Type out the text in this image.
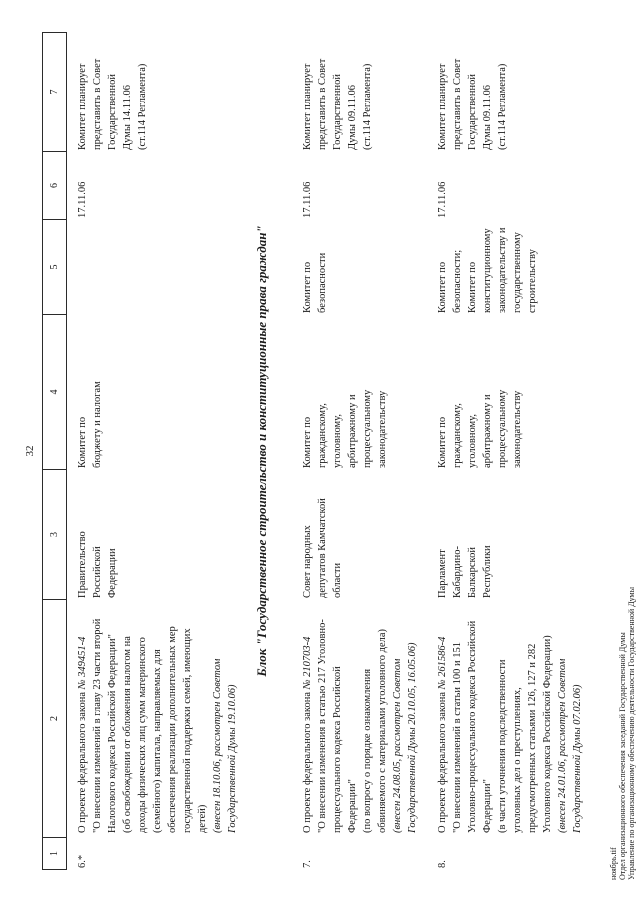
32
1
2
3
4
5
6
7
6.*
О проекте федерального закона № 349451-4 "О внесении изменений в главу 23 части второй Налогового кодекса Российской Федерации" (об освобождении от обложения налогом на доходы физических лиц сумм материнского (семейного) капитала, направляемых для обеспечения реализации дополнительных мер государственной поддержки семей, имеющих детей) (внесен 18.10.06, рассмотрен Советом Государственной Думы 19.10.06)
Правительство Российской Федерации
Комитет по бюджету и налогам
17.11.06
Комитет планирует представить в Совет Государственной Думы 14.11.06 (ст.114 Регламента)
Блок "Государственное строительство и конституционные права граждан"
7.
О проекте федерального закона № 210703-4 "О внесении изменения в статью 217 Уголовно- процессуального кодекса Российской Федерации" (по вопросу о порядке ознакомления обвиняемого с материалами уголовного дела) (внесен 24.08.05, рассмотрен Советом Государственной Думы 20.10.05, 16.05.06)
Совет народных депутатов Камчатской области
Комитет по гражданскому, уголовному, арбитражному и процессуальному законодательству
Комитет по безопасности
17.11.06
Комитет планирует представить в Совет Государственной Думы 09.11.06 (ст.114 Регламента)
8.
О проекте федерального закона № 261586-4 "О внесении изменений в статьи 100 и 151 Уголовно-процессуального кодекса Российской Федерации" (в части уточнения подследственности уголовных дел о преступлениях, предусмотренных статьями 126, 127 и 282 Уголовного кодекса Российской Федерации) (внесен 24.01.06, рассмотрен Советом Государственной Думы 07.02.06)
Парламент Кабардино- Балкарской Республики
Комитет по гражданскому, уголовному, арбитражному и процессуальному законодательству
Комитет по безопасности; Комитет по конституционному законодательству и государственному строительству
17.11.06
Комитет планирует представить в Совет Государственной Думы 09.11.06 (ст.114 Регламента)
ноябрь.tif Отдел организационного обеспечения заседаний Государственной Думы Управление по организационному обеспечению деятельности Государственной Думы
